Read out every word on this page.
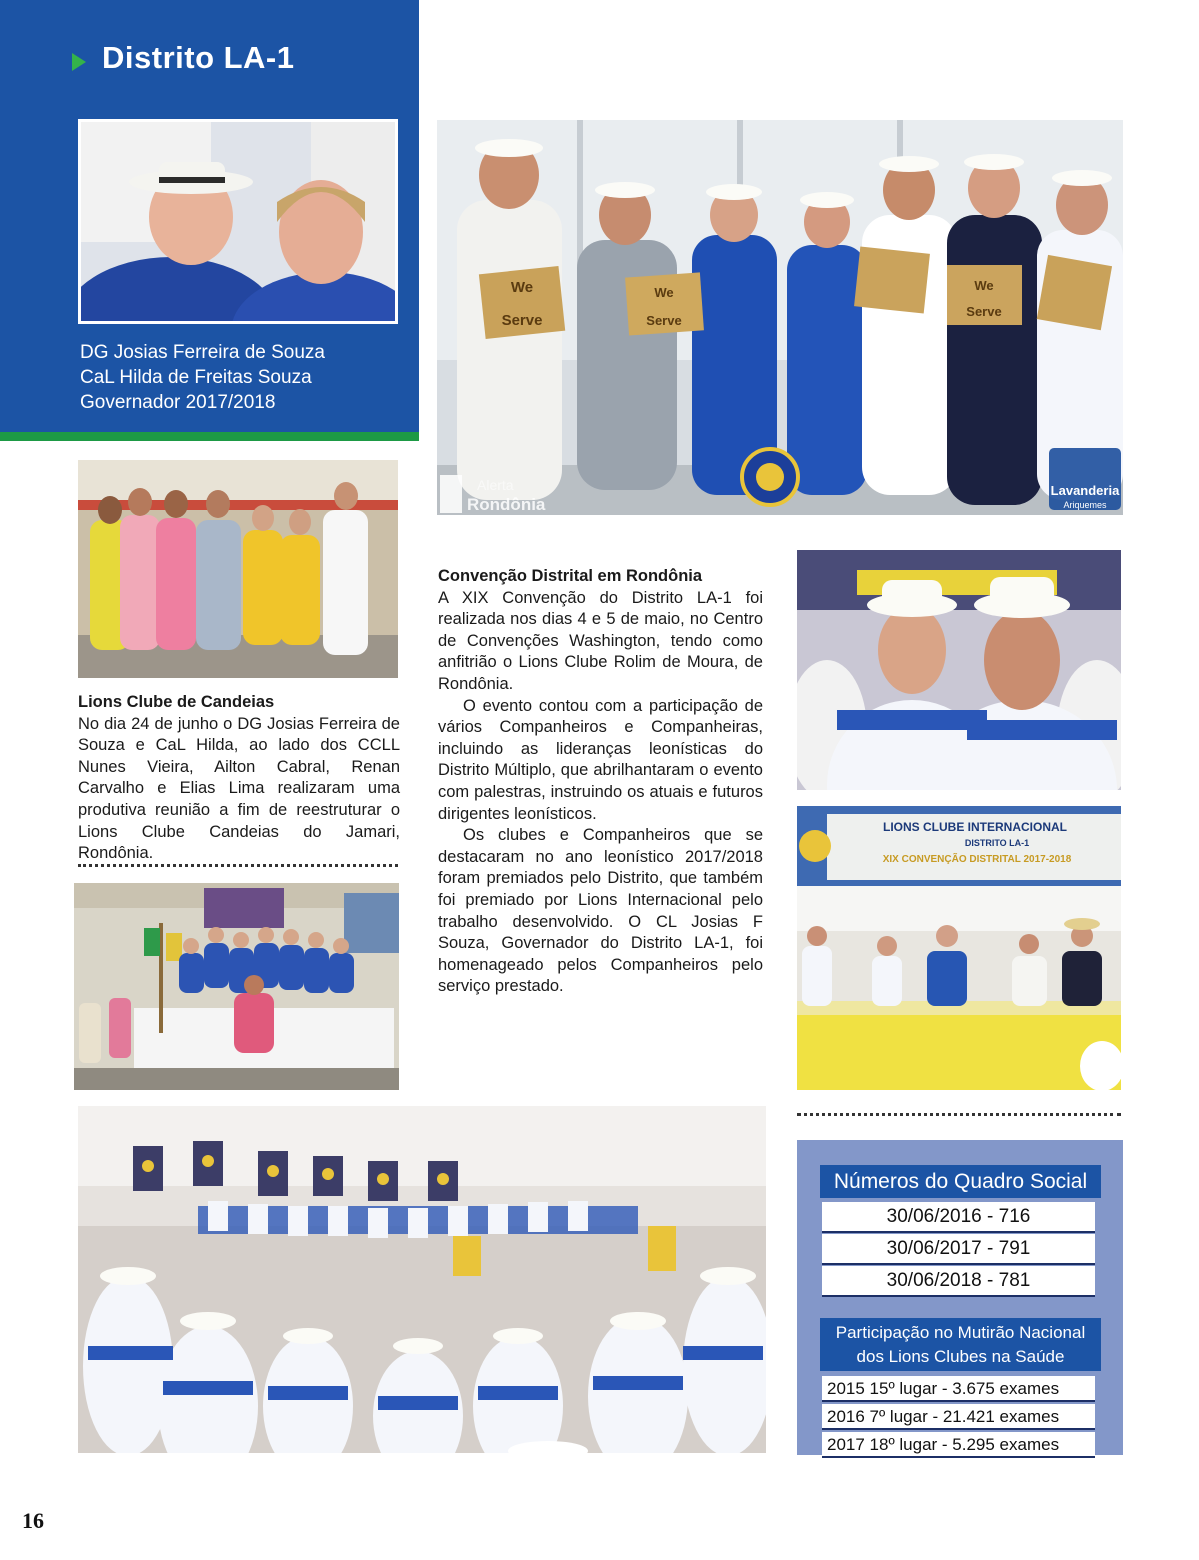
Distrito LA-1
DG Josias Ferreira de Souza
CaL Hilda de Freitas Souza
Governador 2017/2018
We
Serve
We
Serve
We
Serve
Lavanderia
Ariquemes
Alerta
Rondônia
Lions Clube de Candeias

No dia 24 de junho o DG Josias Ferreira de Souza e CaL Hilda, ao lado dos CCLL Nunes Vieira, Ailton Cabral, Renan Carvalho e Elias Lima realizaram uma produtiva reunião a fim de reestruturar o Lions Clube Candeias do Jamari, Rondônia.

Convenção Distrital em Rondônia

A XIX Convenção do Distrito LA-1 foi realizada nos dias 4 e 5 de maio, no Centro de Convenções Washington, tendo como anfitrião o Lions Clube Rolim de Moura, de Rondônia.

O evento contou com a participação de vários Companheiros e Companheiras, incluindo as lideranças leonísticas do Distrito Múltiplo, que abrilhantaram o evento com palestras, instruindo os atuais e futuros dirigentes leonísticos.

Os clubes e Companheiros que se destacaram no ano leonístico 2017/2018 foram premiados pelo Distrito, que também foi premiado por Lions Internacional pelo trabalho desenvolvido. O CL Josias F Souza, Governador do Distrito LA-1, foi homenageado pelos Companheiros pelo serviço prestado.

LIONS CLUBE INTERNACIONAL
DISTRITO LA-1
XIX CONVENÇÃO DISTRITAL 2017-2018
Números do Quadro Social
30/06/2016 - 716
30/06/2017 - 791
30/06/2018 - 781
Participação no Mutirão Nacional
dos Lions Clubes na Saúde
2015 15º lugar - 3.675 exames
2016 7º lugar - 21.421 exames
2017 18º lugar - 5.295 exames
16
